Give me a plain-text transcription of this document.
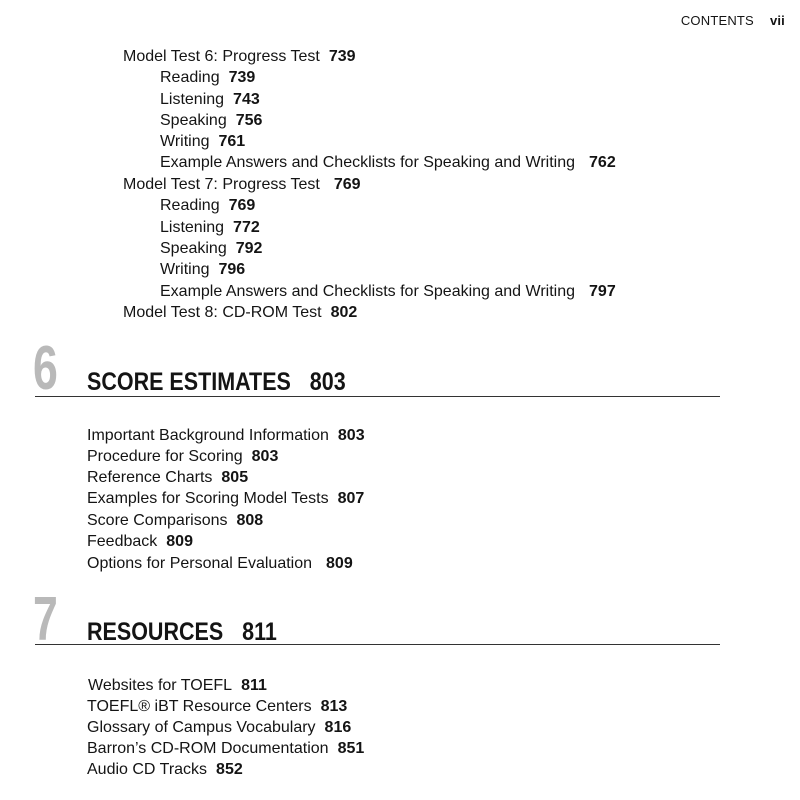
CONTENTS vii
Model Test 6: Progress Test 739
Reading 739
Listening 743
Speaking 756
Writing 761
Example Answers and Checklists for Speaking and Writing 762
Model Test 7: Progress Test 769
Reading 769
Listening 772
Speaking 792
Writing 796
Example Answers and Checklists for Speaking and Writing 797
Model Test 8: CD-ROM Test 802
6 SCORE ESTIMATES 803
Important Background Information 803
Procedure for Scoring 803
Reference Charts 805
Examples for Scoring Model Tests 807
Score Comparisons 808
Feedback 809
Options for Personal Evaluation 809
7 RESOURCES 811
Websites for TOEFL 811
TOEFL® iBT Resource Centers 813
Glossary of Campus Vocabulary 816
Barron’s CD-ROM Documentation 851
Audio CD Tracks 852
